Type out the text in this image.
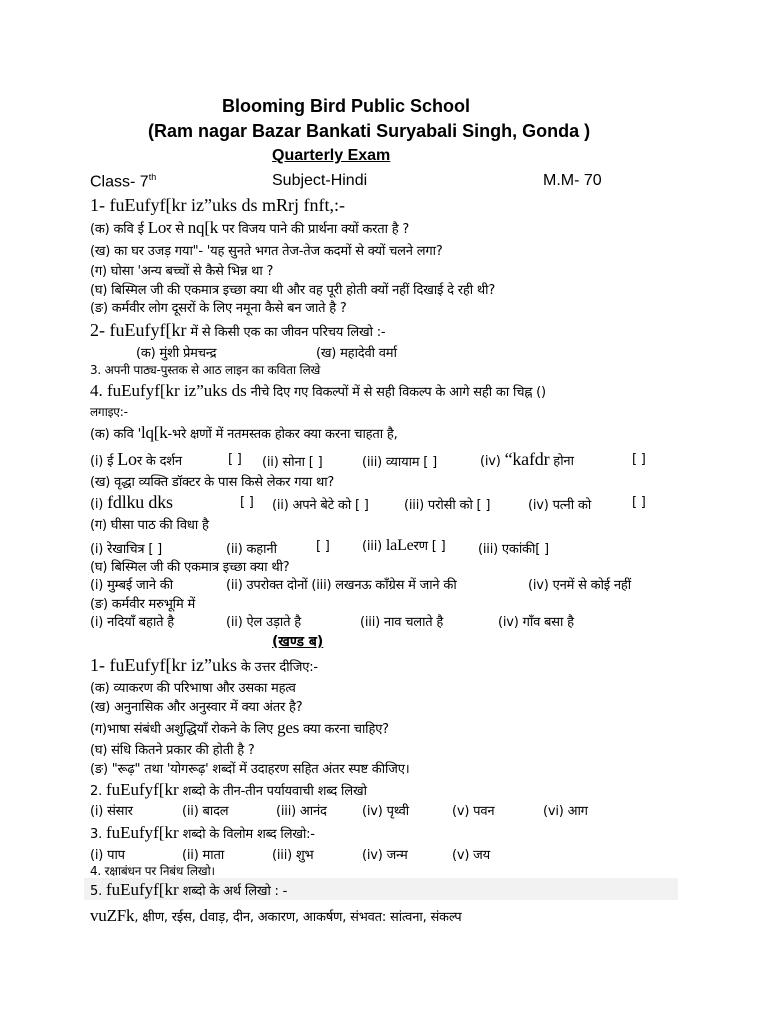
Blooming Bird Public School
(Ram nagar Bazar Bankati Suryabali Singh, Gonda )
Quarterly Exam
Class- 7th	Subject-Hindi	M.M- 70
1- fuEufyf[kr iz”uks ds mRrj fnft,:-
(क) कवि ई Loर से nq[k पर विजय पाने की प्रार्थना क्यों करता है ?
(ख) का घर उजड़ गया"- 'यह सुनते भगत तेज-तेज कदमों से क्यों चलने लगा?
(ग) घोसा 'अन्य बच्चों से कैसे भिन्न था ?
(घ) बिस्मिल जी की एकमात्र इच्छा क्या थी और वह पूरी होती क्यों नहीं दिखाई दे रही थी?
(ङ) कर्मवीर लोग दूसरों के लिए नमूना कैसे बन जाते है ?
2- fuEufyf[kr में से किसी एक का जीवन परिचय लिखो :-
(क) मुंशी प्रेमचन्द्र	(ख) महादेवी वर्मा
3. अपनी पाठ्य-पुस्तक से आठ लाइन का कविता लिखे
4. fuEufyf[kr iz”uks ds नीचे दिए गए विकल्पों में से सही विकल्प के आगे सही का चिह्न ()
लगाइए:-
(क) कवि 'lq[k-भरे क्षणों में नतमस्तक होकर क्या करना चाहता है,
(i) ई Loर के दर्शन	[ ] (ii) सोना [ ]	(iii) व्यायाम [ ]	(iv) “kafdr होना	[ ]
(ख) वृद्धा व्यक्ति डॉक्टर के पास किसे लेकर गया था?
(i) fdlku dks	[ ] (ii) अपने बेटे को [ ]	(iii) परोसी को [ ]	(iv) पत्नी को	[ ]
(ग) घीसा पाठ की विधा है
(i) रेखाचित्र [ ]	(ii) कहानी	[ ] (iii) laLeरण [ ]	(iii) एकांकी[ ]
(घ) बिस्मिल जी की एकमात्र इच्छा क्या थी?
(i) मुम्बई जाने की	(ii) उपरोक्त दोनों (iii) लखनऊ काँग्रेस में जाने की	(iv) एनमें से कोई नहीं
(ङ) कर्मवीर मरुभूमि में
(i) नदियाँ बहाते है	(ii) ऐल उड़ाते है	(iii) नाव चलाते है	(iv) गाँव बसा है
(खण्ड ब)
1- fuEufyf[kr iz”uks के उत्तर दीजिए:-
(क) व्याकरण की परिभाषा और उसका महत्व
(ख) अनुनासिक और अनुस्वार में क्या अंतर है?
(ग)भाषा संबंधी अशुद्धियाँ रोकने के लिए ges क्या करना चाहिए?
(घ) संधि कितने प्रकार की होती है ?
(ङ) "रूढ़" तथा 'योगरूढ़' शब्दों में उदाहरण सहित अंतर स्पष्ट कीजिए।
2. fuEufyf[kr शब्दो के तीन-तीन पर्यायवाची शब्द लिखो
(i) संसार	(ii) बादल	(iii) आनंद	(iv) पृथ्वी	(v) पवन	(vi) आग
3. fuEufyf[kr शब्दो के विलोम शब्द लिखो:-
(i) पाप	(ii) माता	(iii) शुभ	(iv) जन्म	(v) जय
4. रक्षाबंधन पर निबंध लिखो।
5. fuEufyf[kr शब्दो के अर्थ लिखो : -
vuZFk, क्षीण, रईस, dवाड़, दीन, अकारण, आकर्षण, संभवत: सांत्वना, संकल्प
